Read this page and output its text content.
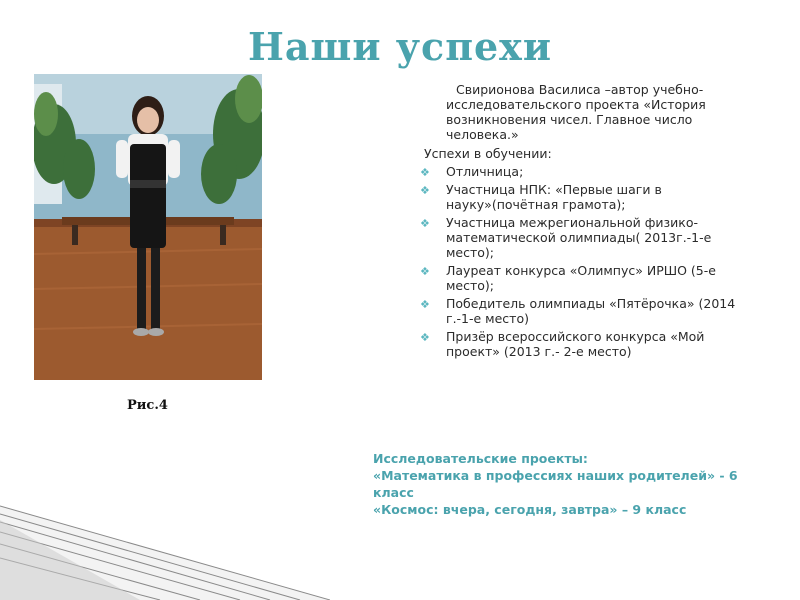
Наши успехи
Рис.4
Свирионова Василиса –автор учебно-исследовательского проекта «История возникновения чисел. Главное число человека.»
Успехи в обучении:
❖ Отличница;
❖ Участница НПК: «Первые шаги в науку»(почётная грамота);
❖ Участница межрегиональной физико-математической олимпиады( 2013г.-1-е место);
❖ Лауреат конкурса «Олимпус» ИРШО (5-е место);
❖ Победитель олимпиады «Пятёрочка» (2014 г.-1-е место)
❖ Призёр всероссийского конкурса «Мой проект» (2013 г.- 2-е место)
Исследовательские проекты:
«Математика в профессиях наших родителей» - 6 класс
«Космос: вчера, сегодня, завтра» – 9 класс
